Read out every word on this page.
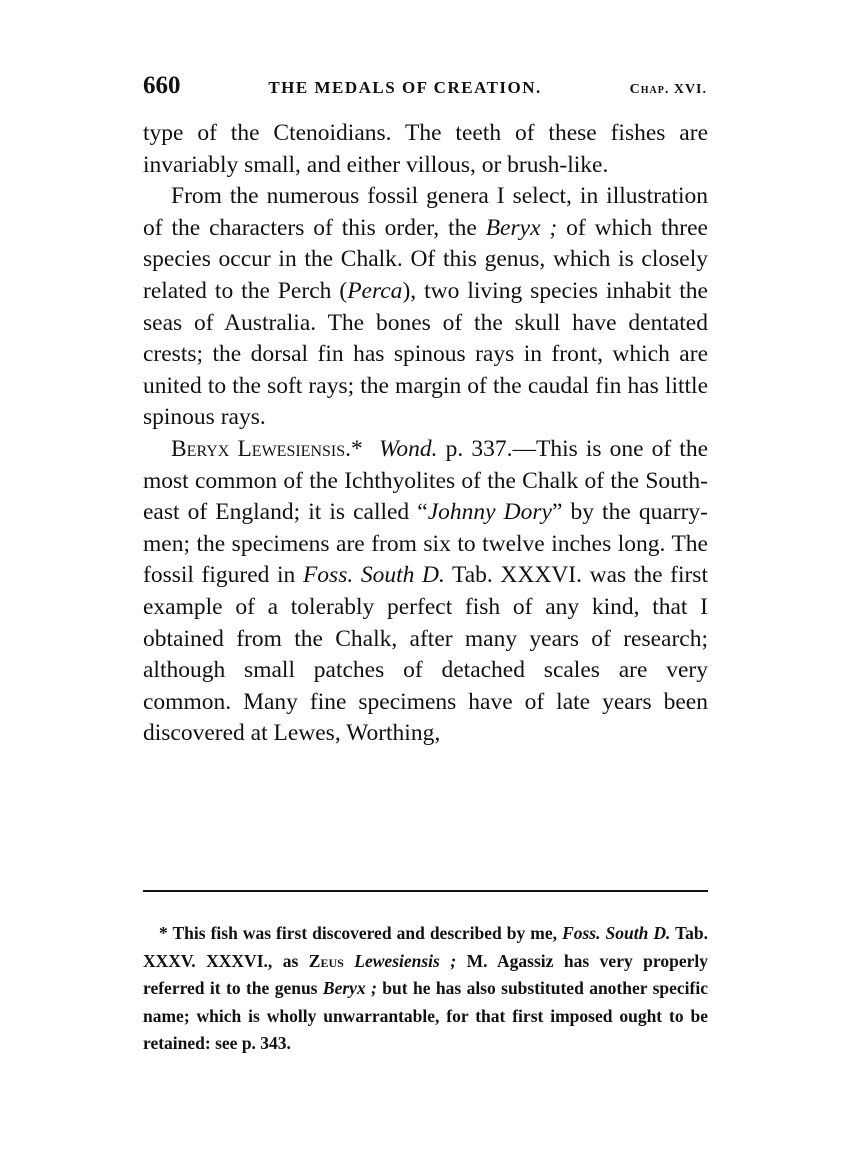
660	THE MEDALS OF CREATION.	Chap. XVI.

type of the Ctenoidians. The teeth of these fishes are invariably small, and either villous, or brush-like.

From the numerous fossil genera I select, in illustration of the characters of this order, the Beryx ; of which three species occur in the Chalk. Of this genus, which is closely related to the Perch (Perca), two living species inhabit the seas of Australia. The bones of the skull have dentated crests; the dorsal fin has spinous rays in front, which are united to the soft rays; the margin of the caudal fin has little spinous rays.

Beryx Lewesiensis.* Wond. p. 337.—This is one of the most common of the Ichthyolites of the Chalk of the South-east of England; it is called “Johnny Dory” by the quarry-men; the specimens are from six to twelve inches long. The fossil figured in Foss. South D. Tab. XXXVI. was the first example of a tolerably perfect fish of any kind, that I obtained from the Chalk, after many years of research; although small patches of detached scales are very common. Many fine specimens have of late years been discovered at Lewes, Worthing,

* This fish was first discovered and described by me, Foss. South D. Tab. XXXV. XXXVI., as Zeus Lewesiensis ; M. Agassiz has very properly referred it to the genus Beryx ; but he has also substituted another specific name; which is wholly unwarrantable, for that first imposed ought to be retained: see p. 343.
